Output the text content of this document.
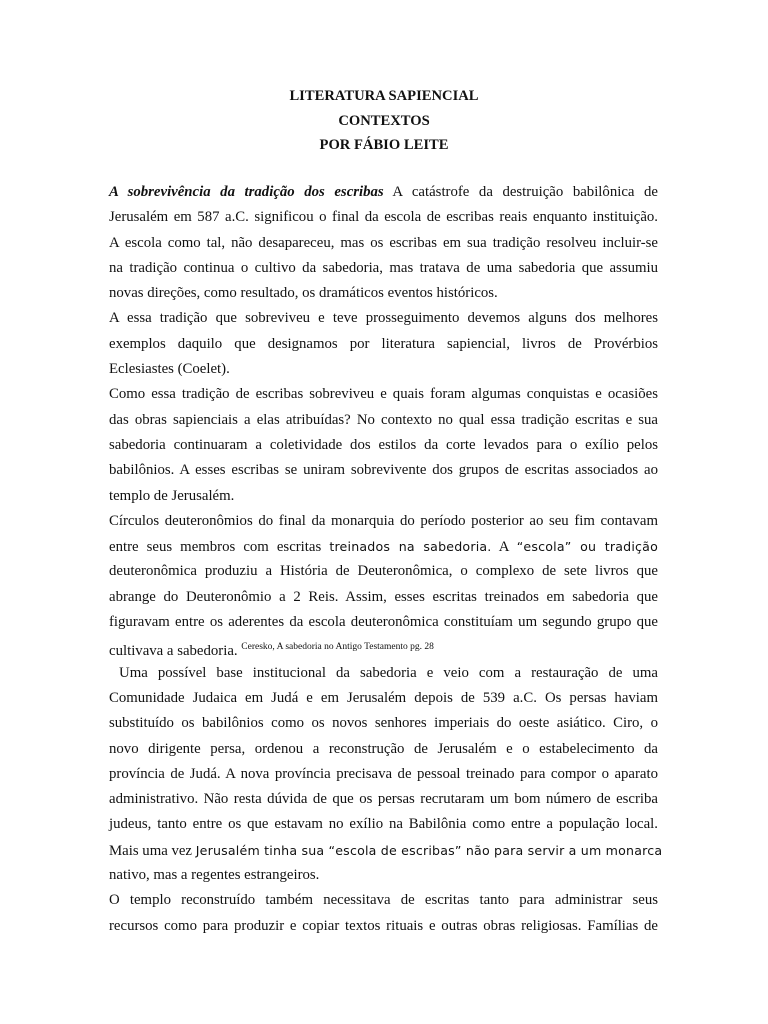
LITERATURA SAPIENCIAL
CONTEXTOS
POR FÁBIO LEITE
A sobrevivência da tradição dos escribas A catástrofe da destruição babilônica de
Jerusalém em 587 a.C. significou o final da escola de escribas reais enquanto instituição.
A escola como tal, não desapareceu, mas os escribas em sua tradição resolveu incluir-se
na tradição continua o cultivo da sabedoria, mas tratava de uma sabedoria que assumiu
novas direções, como resultado, os dramáticos eventos históricos.
A essa tradição que sobreviveu e teve prosseguimento devemos alguns dos melhores
exemplos daquilo que designamos por literatura sapiencial, livros de Provérbios
Eclesiastes (Coelet).
Como essa tradição de escribas sobreviveu e quais foram algumas conquistas e ocasiões
das obras sapienciais a elas atribuídas? No contexto no qual essa tradição escritas e sua
sabedoria continuaram a coletividade dos estilos da corte levados para o exílio pelos
babilônios. A esses escribas se uniram sobrevivente dos grupos de escritas associados ao
templo de Jerusalém.
Círculos deuteronômios do final da monarquia do período posterior ao seu fim contavam
entre seus membros com escritas treinados na sabedoria. A “escola” ou tradição
deuteronômica produziu a História de Deuteronômica, o complexo de sete livros que
abrange do Deuteronômio a 2 Reis. Assim, esses escritas treinados em sabedoria que
figuravam entre os aderentes da escola deuteronômica constituíam um segundo grupo que
cultivava a sabedoria. $^{Ceresko, A sabedoria no Antigo Testamento pg. 28}$
Uma possível base institucional da sabedoria e veio com a restauração de uma
Comunidade Judaica em Judá e em Jerusalém depois de 539 a.C. Os persas haviam
substituído os babilônios como os novos senhores imperiais do oeste asiático. Ciro, o
novo dirigente persa, ordenou a reconstrução de Jerusalém e o estabelecimento da
província de Judá. A nova província precisava de pessoal treinado para compor o aparato
administrativo. Não resta dúvida de que os persas recrutaram um bom número de escriba
judeus, tanto entre os que estavam no exílio na Babilônia como entre a população local.
Mais uma vez Jerusalém tinha sua “escola de escribas” não para servir a um monarca
nativo, mas a regentes estrangeiros.
O templo reconstruído também necessitava de escritas tanto para administrar seus
recursos como para produzir e copiar textos rituais e outras obras religiosas. Famílias de
